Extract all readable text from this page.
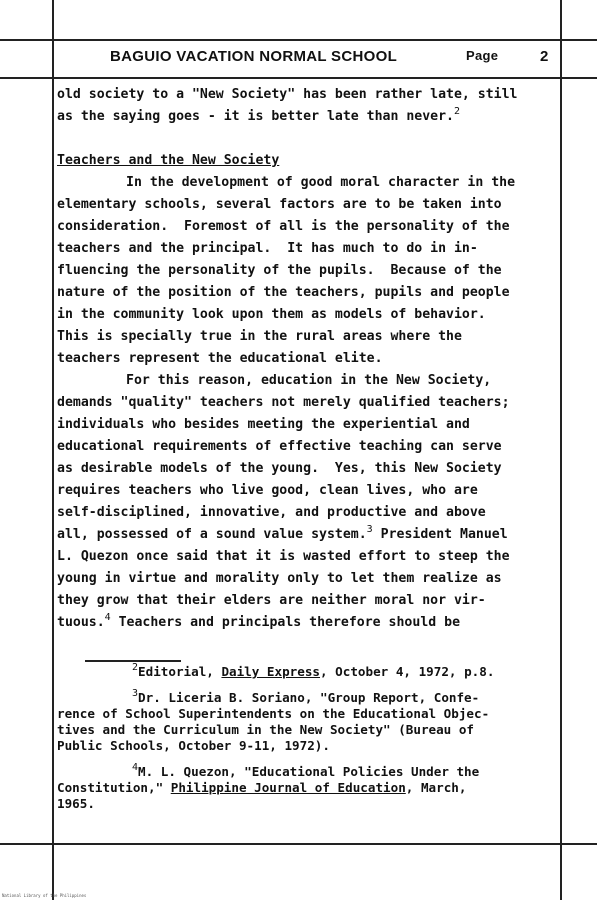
BAGUIO VACATION NORMAL SCHOOL	Page	2
old society to a "New Society" has been rather late, still
as the saying goes - it is better late than never.$^2$
Teachers and the New Society
In the development of good moral character in the
elementary schools, several factors are to be taken into
consideration.  Foremost of all is the personality of the
teachers and the principal.  It has much to do in in-
fluencing the personality of the pupils.  Because of the
nature of the position of the teachers, pupils and people
in the community look upon them as models of behavior.
This is specially true in the rural areas where the
teachers represent the educational elite.
For this reason, education in the New Society,
demands "quality" teachers not merely qualified teachers;
individuals who besides meeting the experiential and
educational requirements of effective teaching can serve
as desirable models of the young.  Yes, this New Society
requires teachers who live good, clean lives, who are
self-disciplined, innovative, and productive and above
all, possessed of a sound value system.$^3$ President Manuel
L. Quezon once said that it is wasted effort to steep the
young in virtue and morality only to let them realize as
they grow that their elders are neither moral nor vir-
tuous.$^4$ Teachers and principals therefore should be
$^2$Editorial, Daily Express, October 4, 1972, p.8.
$^3$Dr. Liceria B. Soriano, "Group Report, Confe-
rence of School Superintendents on the Educational Objec-
tives and the Curriculum in the New Society" (Bureau of
Public Schools, October 9-11, 1972).
$^4$M. L. Quezon, "Educational Policies Under the
Constitution," Philippine Journal of Education, March,
1965.
National Library of the Philippines
